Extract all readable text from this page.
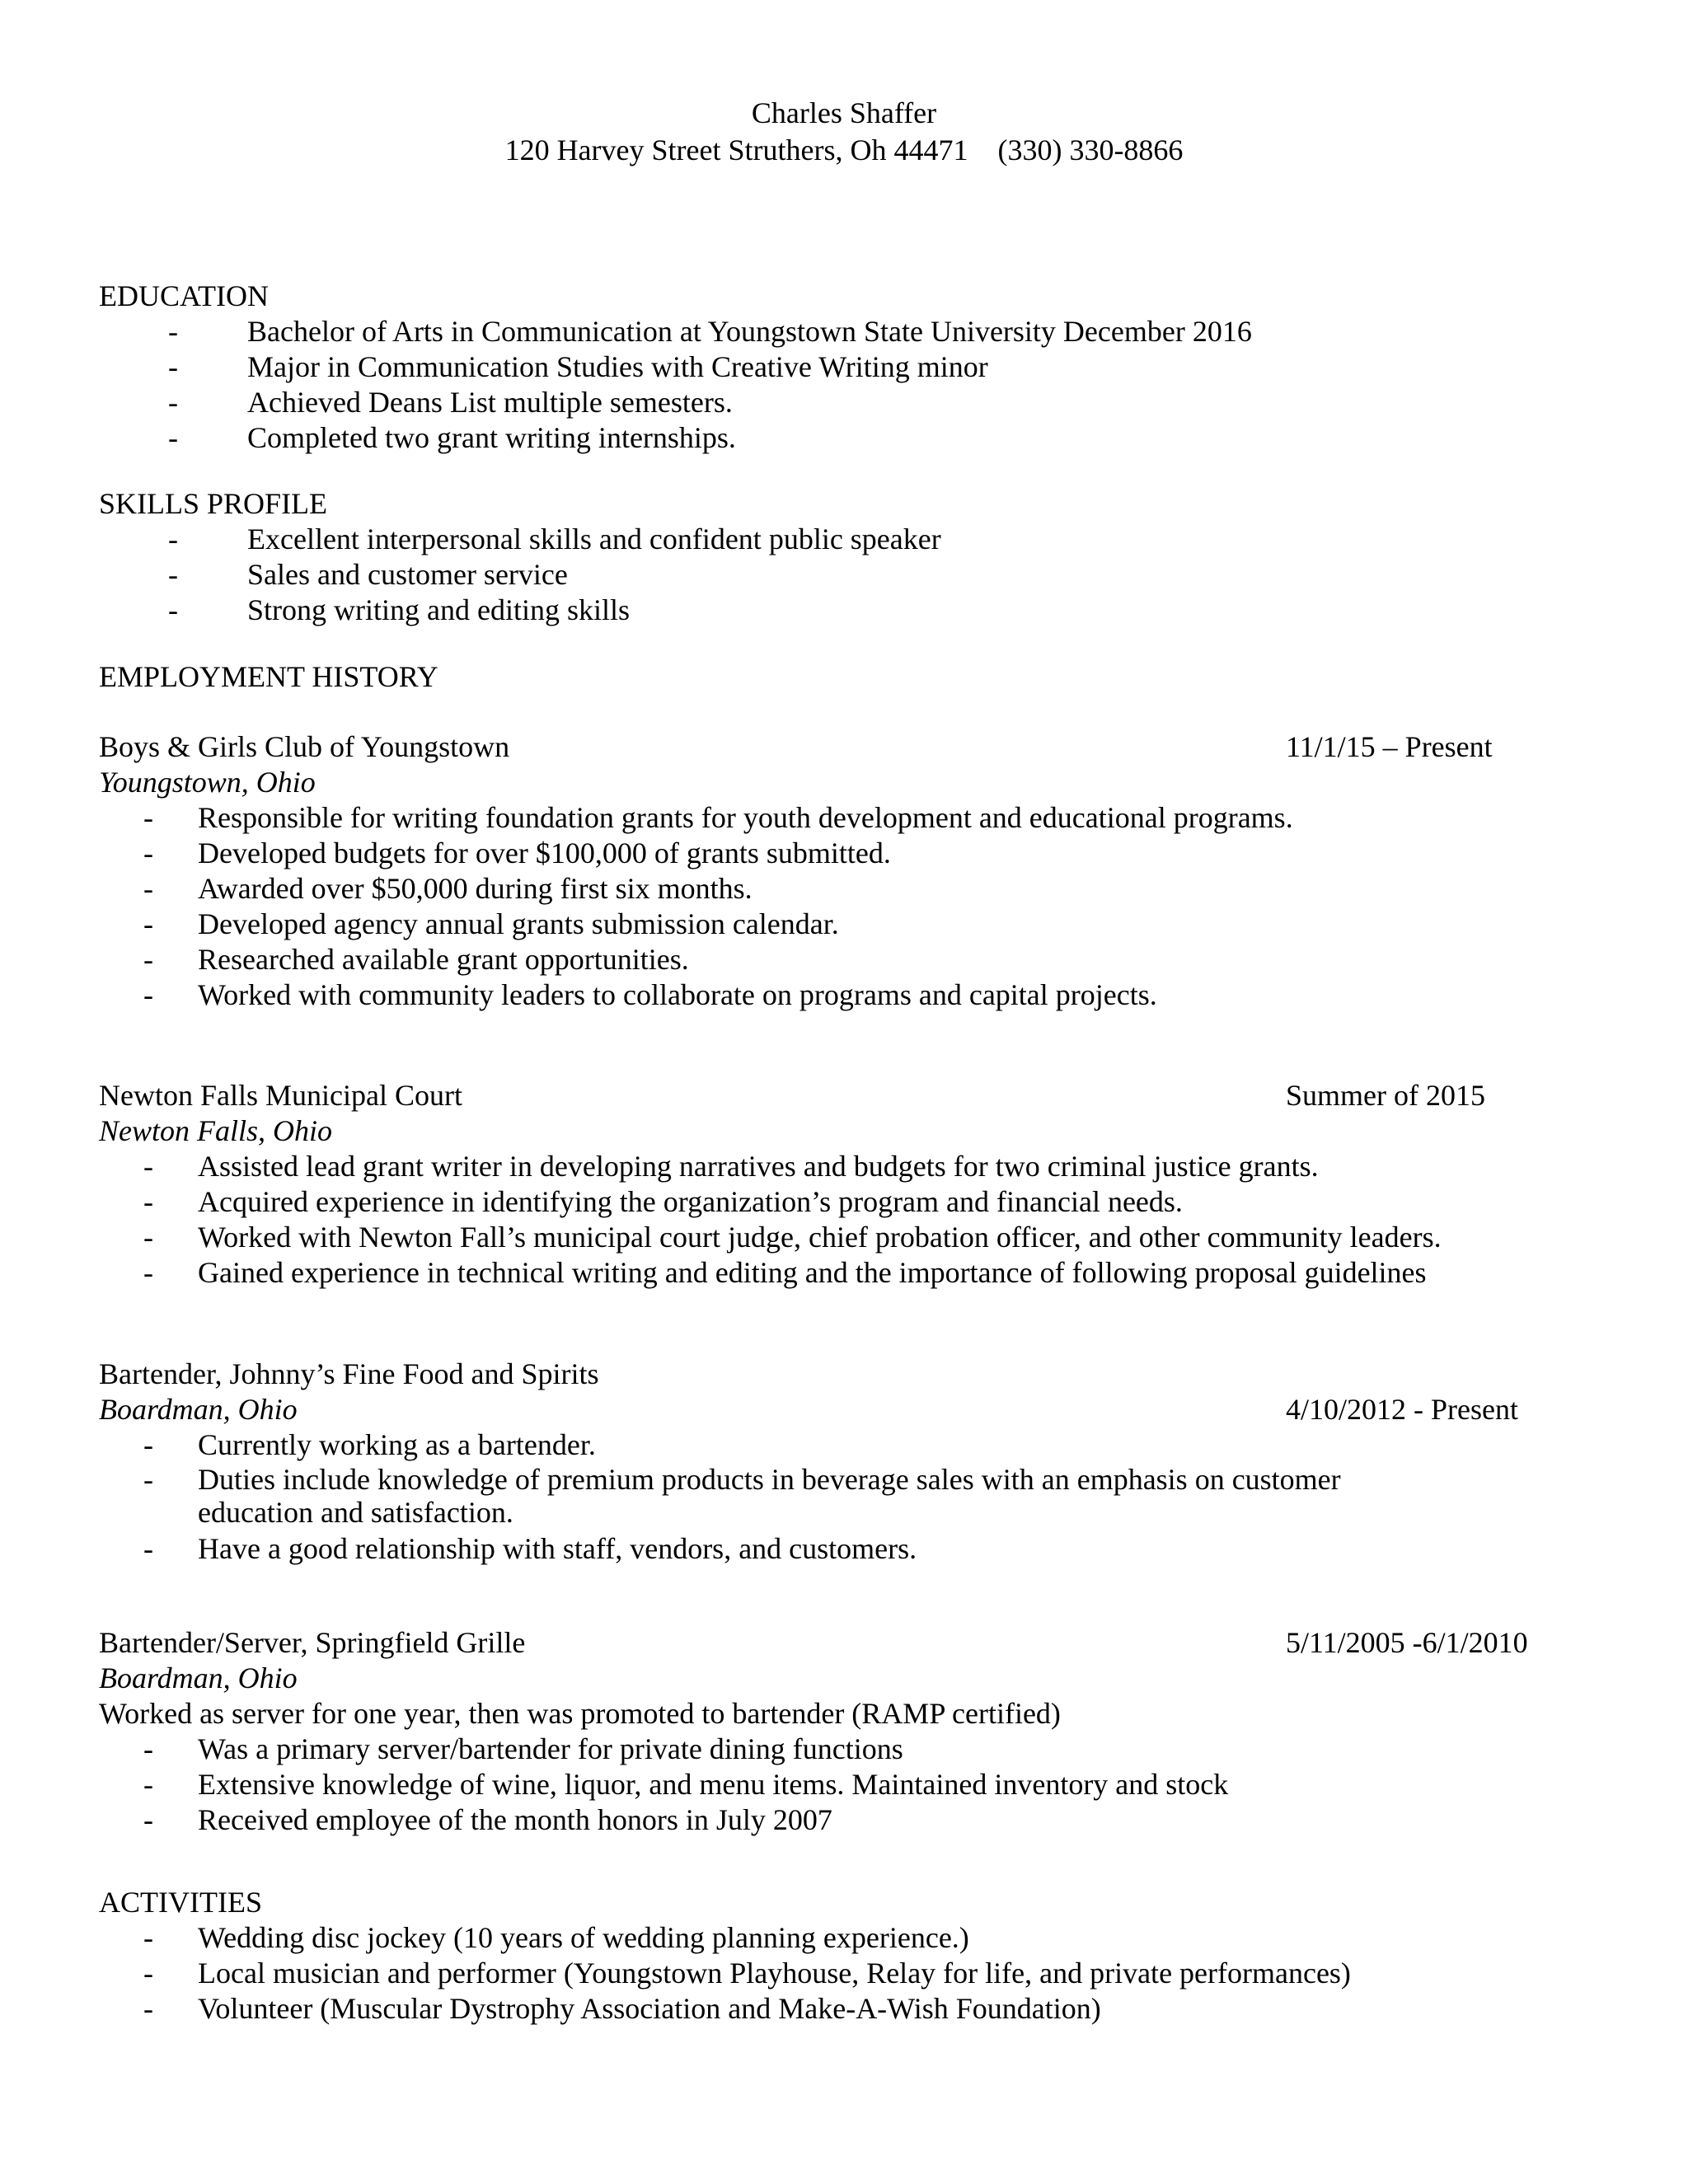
Charles Shaffer
120 Harvey Street Struthers, Oh 44471    (330) 330-8866
EDUCATION
-	Bachelor of Arts in Communication at Youngstown State University December 2016
-	Major in Communication Studies with Creative Writing minor
-	Achieved Deans List multiple semesters.
-	Completed two grant writing internships.
SKILLS PROFILE
-	Excellent interpersonal skills and confident public speaker
-	Sales and customer service
-	Strong writing and editing skills
EMPLOYMENT HISTORY
Boys & Girls Club of Youngstown	11/1/15 – Present
Youngstown, Ohio
-	Responsible for writing foundation grants for youth development and educational programs.
-	Developed budgets for over $100,000 of grants submitted.
-	Awarded over $50,000 during first six months.
-	Developed agency annual grants submission calendar.
-	Researched available grant opportunities.
-	Worked with community leaders to collaborate on programs and capital projects.
Newton Falls Municipal Court	Summer of 2015
Newton Falls, Ohio
-	Assisted lead grant writer in developing narratives and budgets for two criminal justice grants.
-	Acquired experience in identifying the organization’s program and financial needs.
-	Worked with Newton Fall’s municipal court judge, chief probation officer, and other community leaders.
-	Gained experience in technical writing and editing and the importance of following proposal guidelines
Bartender, Johnny’s Fine Food and Spirits
Boardman, Ohio	4/10/2012 - Present
-	Currently working as a bartender.
-	Duties include knowledge of premium products in beverage sales with an emphasis on customer education and satisfaction.
-	Have a good relationship with staff, vendors, and customers.
Bartender/Server, Springfield Grille	5/11/2005 -6/1/2010
Boardman, Ohio
Worked as server for one year, then was promoted to bartender (RAMP certified)
-	Was a primary server/bartender for private dining functions
-	Extensive knowledge of wine, liquor, and menu items. Maintained inventory and stock
-	Received employee of the month honors in July 2007
ACTIVITIES
-	Wedding disc jockey (10 years of wedding planning experience.)
-	Local musician and performer (Youngstown Playhouse, Relay for life, and private performances)
-	Volunteer (Muscular Dystrophy Association and Make-A-Wish Foundation)
